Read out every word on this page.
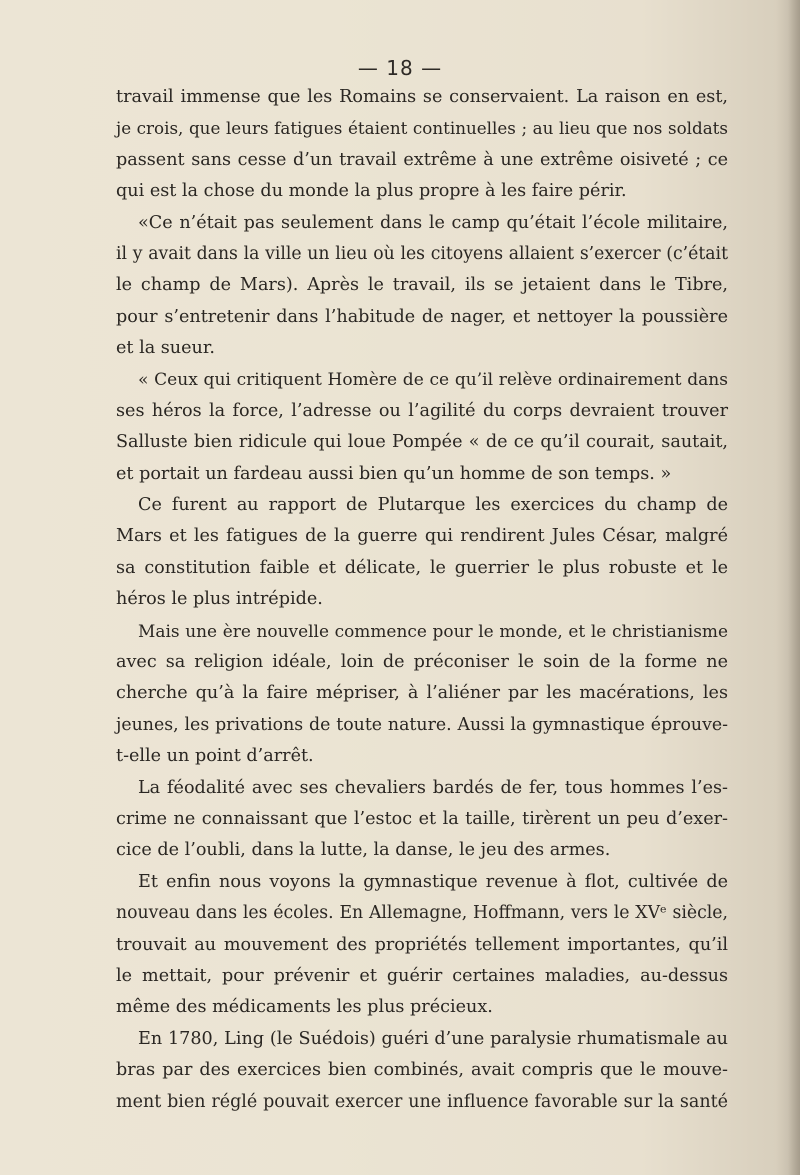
— 18 —
travail immense que les Romains se conservaient. La raison en est,
je crois, que leurs fatigues étaient continuelles ; au lieu que nos soldats
passent sans cesse d’un travail extrême à une extrême oisiveté ; ce
qui est la chose du monde la plus propre à les faire périr.
«Ce n’était pas seulement dans le camp qu’était l’école militaire,
il y avait dans la ville un lieu où les citoyens allaient s’exercer (c’était
le champ de Mars). Après le travail, ils se jetaient dans le Tibre,
pour s’entretenir dans l’habitude de nager, et nettoyer la poussière
et la sueur.
« Ceux qui critiquent Homère de ce qu’il relève ordinairement dans
ses héros la force, l’adresse ou l’agilité du corps devraient trouver
Salluste bien ridicule qui loue Pompée « de ce qu’il courait, sautait,
et portait un fardeau aussi bien qu’un homme de son temps. »
Ce furent au rapport de Plutarque les exercices du champ de
Mars et les fatigues de la guerre qui rendirent Jules César, malgré
sa constitution faible et délicate, le guerrier le plus robuste et le
héros le plus intrépide.
Mais une ère nouvelle commence pour le monde, et le christianisme
avec sa religion idéale, loin de préconiser le soin de la forme ne
cherche qu’à la faire mépriser, à l’aliéner par les macérations, les
jeunes, les privations de toute nature. Aussi la gymnastique éprouve-
t-elle un point d’arrêt.
La féodalité avec ses chevaliers bardés de fer, tous hommes l’es-
crime ne connaissant que l’estoc et la taille, tirèrent un peu d’exer-
cice de l’oubli, dans la lutte, la danse, le jeu des armes.
Et enfin nous voyons la gymnastique revenue à flot, cultivée de
nouveau dans les écoles. En Allemagne, Hoffmann, vers le XVᵉ siècle,
trouvait au mouvement des propriétés tellement importantes, qu’il
le mettait, pour prévenir et guérir certaines maladies, au-dessus
même des médicaments les plus précieux.
En 1780, Ling (le Suédois) guéri d’une paralysie rhumatismale au
bras par des exercices bien combinés, avait compris que le mouve-
ment bien réglé pouvait exercer une influence favorable sur la santé
